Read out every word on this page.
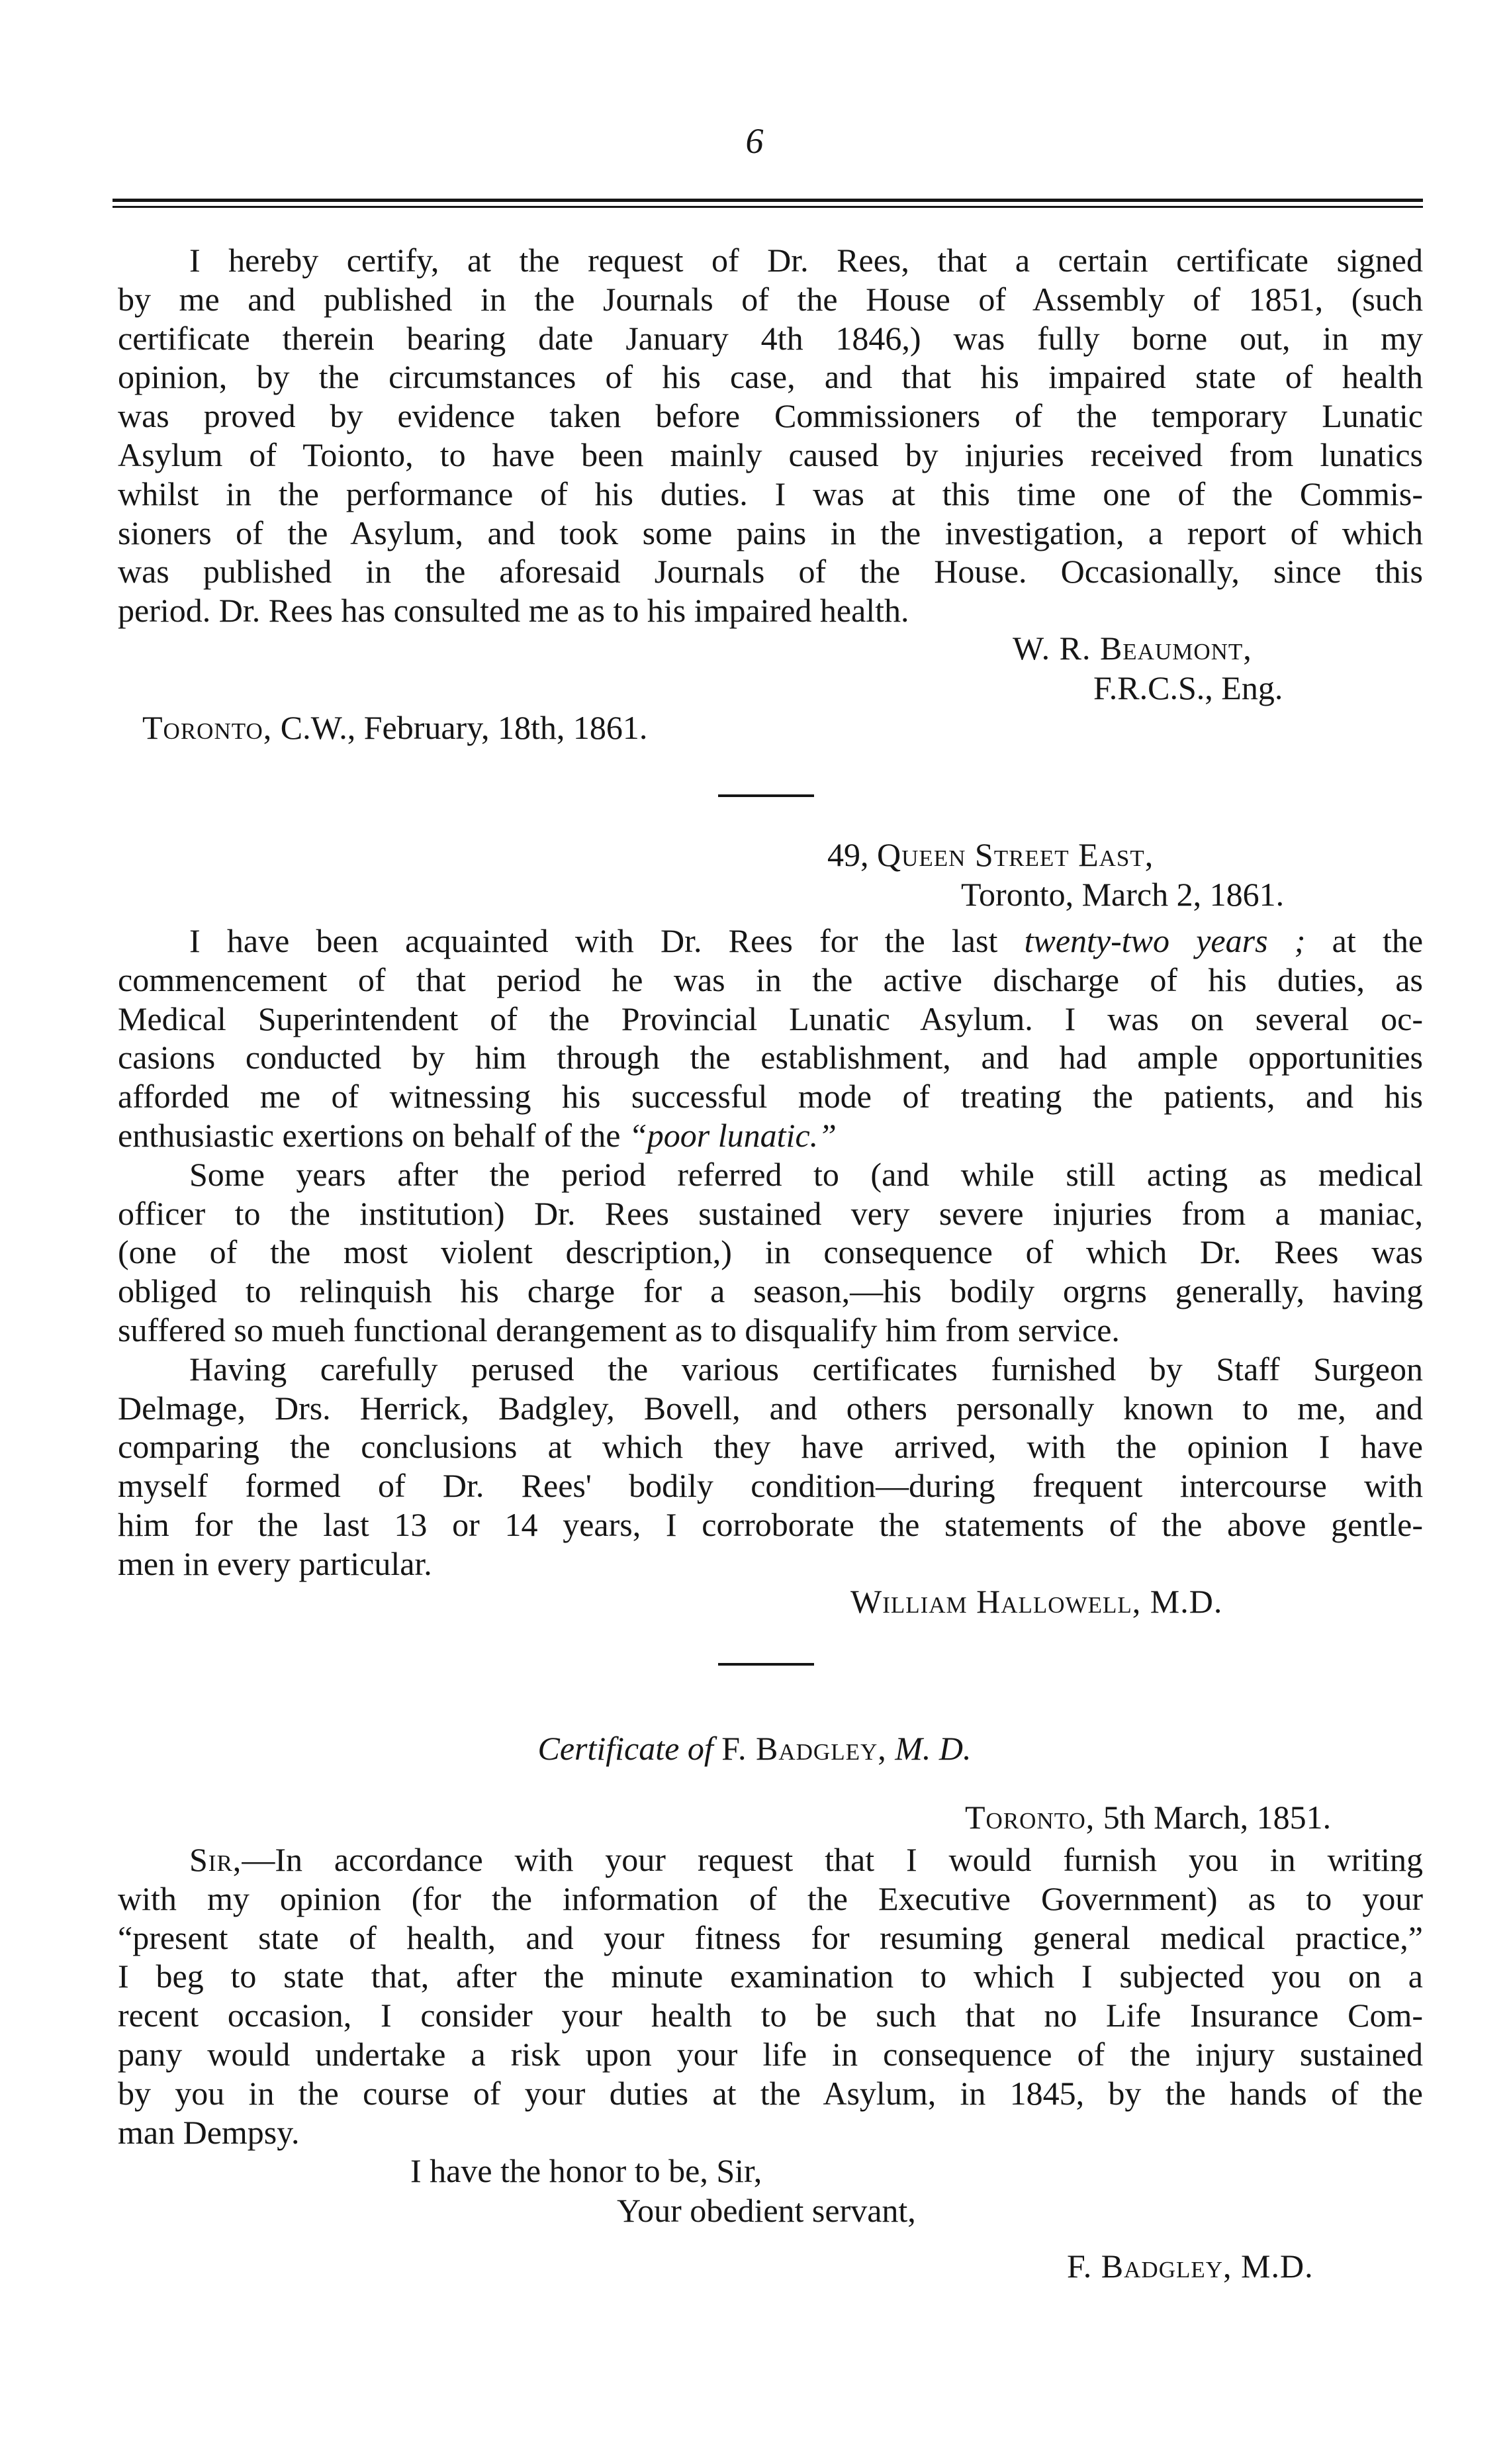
6
I hereby certify, at the request of Dr. Rees, that a certain certificate signed
by me and published in the Journals of the House of Assembly of 1851, (such
certificate therein bearing date January 4th 1846,) was fully borne out, in my
opinion, by the circumstances of his case, and that his impaired state of health
was proved by evidence taken before Commissioners of the temporary Lunatic
Asylum of Toionto, to have been mainly caused by injuries received from lunatics
whilst in the performance of his duties. I was at this time one of the Commis-
sioners of the Asylum, and took some pains in the investigation, a report of which
was published in the aforesaid Journals of the House. Occasionally, since this
period. Dr. Rees has consulted me as to his impaired health.
W. R. Beaumont,
F.R.C.S., Eng.
Toronto, C.W., February, 18th, 1861.
49, Queen Street East,
Toronto, March 2, 1861.
I have been acquainted with Dr. Rees for the last twenty-two years ; at the
commencement of that period he was in the active discharge of his duties, as
Medical Superintendent of the Provincial Lunatic Asylum. I was on several oc-
casions conducted by him through the establishment, and had ample opportunities
afforded me of witnessing his successful mode of treating the patients, and his
enthusiastic exertions on behalf of the “poor lunatic.”
Some years after the period referred to (and while still acting as medical
officer to the institution) Dr. Rees sustained very severe injuries from a maniac,
(one of the most violent description,) in consequence of which Dr. Rees was
obliged to relinquish his charge for a season,—his bodily orgrns generally, having
suffered so mueh functional derangement as to disqualify him from service.
Having carefully perused the various certificates furnished by Staff Surgeon
Delmage, Drs. Herrick, Badgley, Bovell, and others personally known to me, and
comparing the conclusions at which they have arrived, with the opinion I have
myself formed of Dr. Rees' bodily condition—during frequent intercourse with
him for the last 13 or 14 years, I corroborate the statements of the above gentle-
men in every particular.
William Hallowell, M.D.
Certificate of F. Badgley, M. D.
Toronto, 5th March, 1851.
Sir,—In accordance with your request that I would furnish you in writing
with my opinion (for the information of the Executive Government) as to your
“present state of health, and your fitness for resuming general medical practice,”
I beg to state that, after the minute examination to which I subjected you on a
recent occasion, I consider your health to be such that no Life Insurance Com-
pany would undertake a risk upon your life in consequence of the injury sustained
by you in the course of your duties at the Asylum, in 1845, by the hands of the
man Dempsy.
I have the honor to be, Sir,
Your obedient servant,
F. Badgley, M.D.
